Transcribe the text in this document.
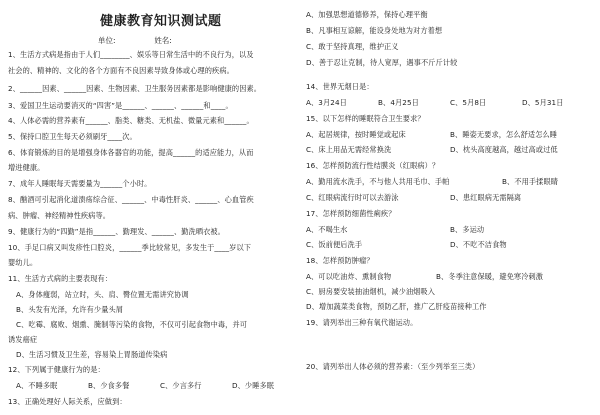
健康教育知识测试题
单位:	姓名:
1、生活方式病是指由于人们________、娱乐等日常生活中的不良行为，以及
社会的、精神的、文化的各个方面有不良因素导致身体或心理的疾病。
2、______因素、______因素、生物因素、卫生服务因素都是影响健康的因素。
3、爱国卫生运动要消灭的“四害”是______、______、______和____。
4、人体必需的营养素有______、脂类、糖类、无机盐、微量元素和______。
5、保持口腔卫生每天必须刷牙____次。
6、体育锻炼的目的是增强身体各器官的功能，提高______的适应能力，从而
增进健康。
7、成年人睡眠每天需要量为______个小时。
8、酗酒可引起消化道溃疡综合征、______、中毒性肝炎、______、心血管疾
病、肿瘤、神经精神性疾病等。
9、健康行为的“四勤”是指______、勤理发、______、勤洗晒衣被。
10、手足口病又叫发疹性口腔炎，______季比较常见，多发生于____岁以下
婴幼儿。
11、生活方式病的主要表现有：
A、身体瘦弱，站立时，头、肩、臀位置无需讲究协调
B、头发有光泽，允许有少量头屑
C、吃霉、腐败、烟熏、腌制等污染的食物，不仅可引起食物中毒，并可
诱发癌症
D、生活习惯及卫生差，容易染上胃肠道传染病
12、下列属于健康行为的是：
A、不睡多眠	B、少食多餐	C、少言多行	D、少睡多眠
13、正确处理好人际关系，应做到：
A、加强思想道德修养，保持心理平衡
B、凡事相互谅解，能设身处地为对方着想
C、敢于坚持真理，维护正义
D、善于忍让克制，待人宽厚，遇事不斤斤计较
14、世界无烟日是：
A、3月24日	B、4月25日	C、5月8日	D、5月31日
15、以下怎样的睡眠符合卫生要求？
A、起居规律，按时睡觉或起床	B、睡姿无要求，怎么舒适怎么睡
C、床上用品无需经常换洗	D、枕头高度越高，越过高或过低
16、怎样预防流行性结膜炎（红眼病）？
A、勤用流水洗手，不与他人共用毛巾、手帕	B、不用手揉眼睛
C、红眼病流行时可以去游泳	D、患红眼病无需隔离
17、怎样预防细菌性痢疾？
A、不喝生水	B、多运动
C、饭前便后洗手	D、不吃不洁食物
18、怎样预防肿瘤？
A、可以吃油炸、熏制食物	B、冬季注意保暖，避免寒冷刺激
C、厨房要安装抽油烟机，减少油烟吸入
D、增加蔬菜类食物，预防乙肝，推广乙肝疫苗接种工作
19、请列举出三种有氧代谢运动。
20、请列举出人体必须的营养素：（至少列举至三类）
